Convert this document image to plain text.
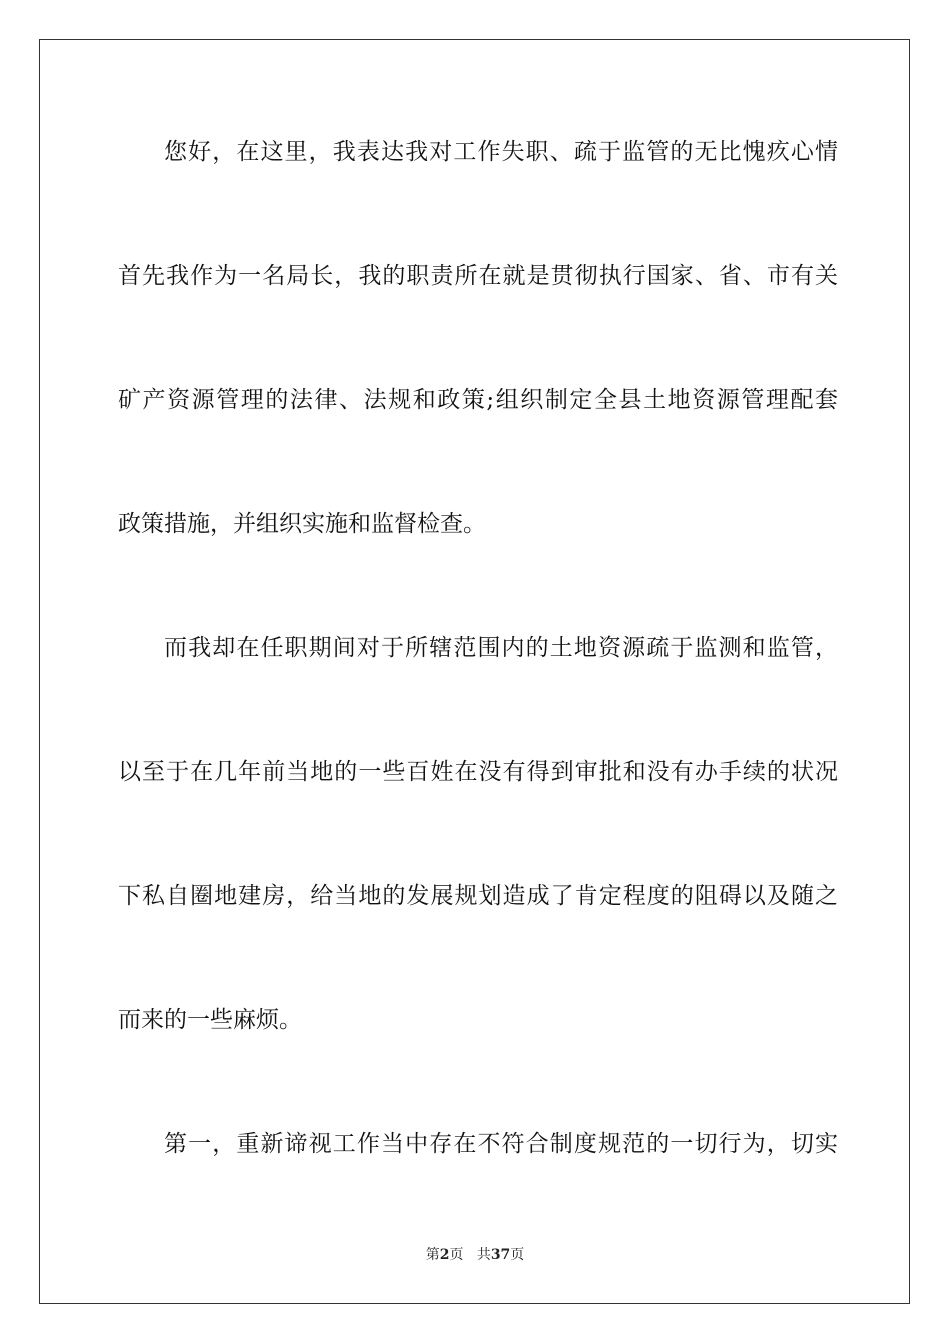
您好，在这里，我表达我对工作失职、疏于监管的无比愧疚心情

首先我作为一名局长，我的职责所在就是贯彻执行国家、省、市有关

矿产资源管理的法律、法规和政策;组织制定全县土地资源管理配套

政策措施，并组织实施和监督检查。

而我却在任职期间对于所辖范围内的土地资源疏于监测和监管，

以至于在几年前当地的一些百姓在没有得到审批和没有办手续的状况

下私自圈地建房，给当地的发展规划造成了肯定程度的阻碍以及随之

而来的一些麻烦。

第一，重新谛视工作当中存在不符合制度规范的一切行为，切实

第2页 共37页
